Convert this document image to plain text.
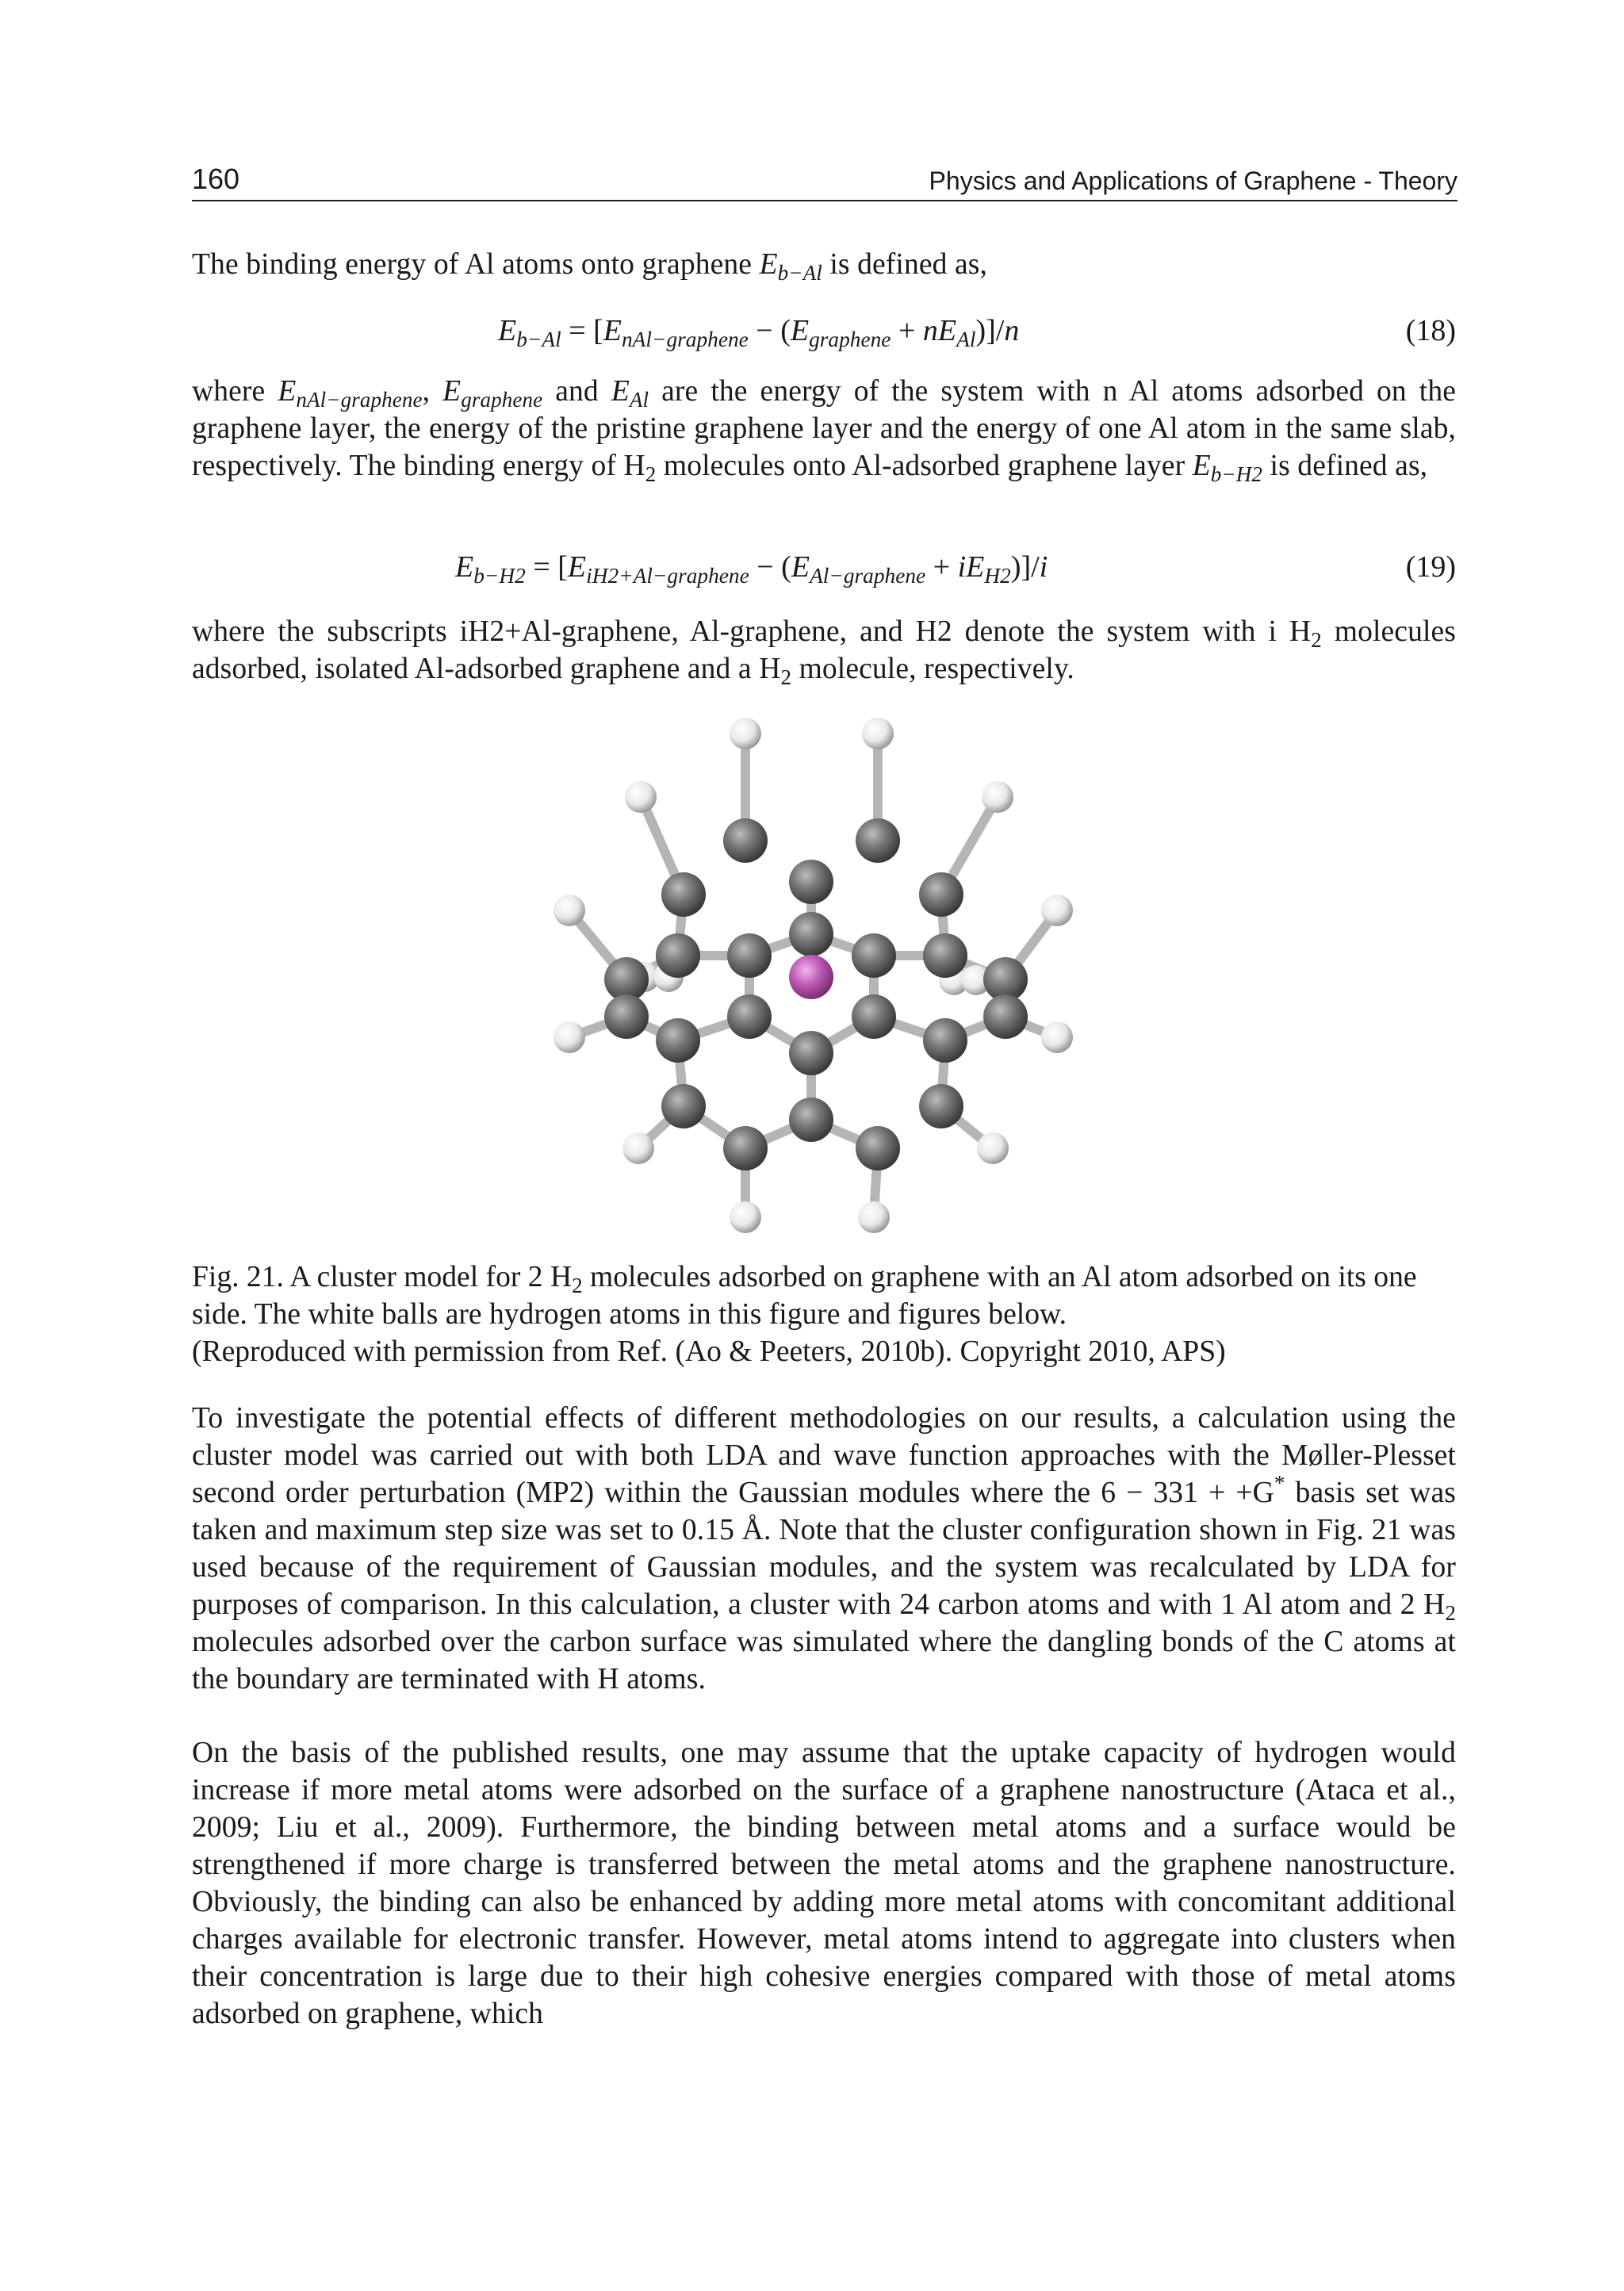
160	Physics and Applications of Graphene - Theory

The binding energy of Al atoms onto graphene $E_{b-Al}$ is defined as,

$E_{b-Al} = [E_{nAl-graphene} - (E_{graphene} + nE_{Al})]/n$	(18)

where $E_{nAl-graphene}$, $E_{graphene}$ and $E_{Al}$ are the energy of the system with n Al atoms adsorbed on the graphene layer, the energy of the pristine graphene layer and the energy of one Al atom in the same slab, respectively. The binding energy of $H_2$ molecules onto Al-adsorbed graphene layer $E_{b-H2}$ is defined as,

$E_{b-H2} = [E_{iH2+Al-graphene} - (E_{Al-graphene} + iE_{H2})]/i$	(19)

where the subscripts iH2+Al-graphene, Al-graphene, and H2 denote the system with i $H_2$ molecules adsorbed, isolated Al-adsorbed graphene and a $H_2$ molecule, respectively.

Fig. 21. A cluster model for 2 $H_2$ molecules adsorbed on graphene with an Al atom adsorbed on its one side. The white balls are hydrogen atoms in this figure and figures below.

(Reproduced with permission from Ref. (Ao & Peeters, 2010b). Copyright 2010, APS)

To investigate the potential effects of different methodologies on our results, a calculation using the cluster model was carried out with both LDA and wave function approaches with the Møller-Plesset second order perturbation (MP2) within the Gaussian modules where the 6 − 331 + +G* basis set was taken and maximum step size was set to 0.15 Å. Note that the cluster configuration shown in Fig. 21 was used because of the requirement of Gaussian modules, and the system was recalculated by LDA for purposes of comparison. In this calculation, a cluster with 24 carbon atoms and with 1 Al atom and 2 $H_2$ molecules adsorbed over the carbon surface was simulated where the dangling bonds of the C atoms at the boundary are terminated with H atoms.

On the basis of the published results, one may assume that the uptake capacity of hydrogen would increase if more metal atoms were adsorbed on the surface of a graphene nanostructure (Ataca et al., 2009; Liu et al., 2009). Furthermore, the binding between metal atoms and a surface would be strengthened if more charge is transferred between the metal atoms and the graphene nanostructure. Obviously, the binding can also be enhanced by adding more metal atoms with concomitant additional charges available for electronic transfer. However, metal atoms intend to aggregate into clusters when their concentration is large due to their high cohesive energies compared with those of metal atoms adsorbed on graphene, which
